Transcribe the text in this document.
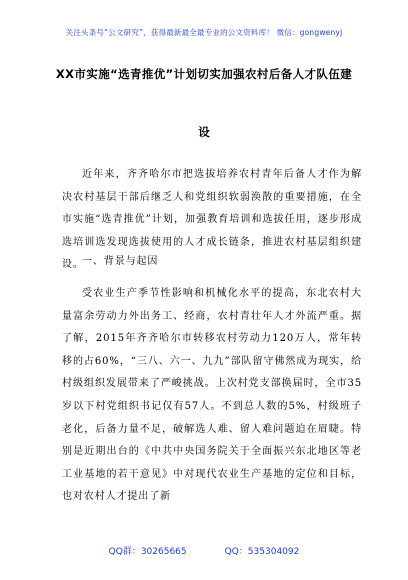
关注头条号“公文研究”，获得最新最全最专业的公文资料库！ 微信：gongwenyj
XX市实施“选青推优”计划切实加强农村后备人才队伍建
设

近年来，齐齐哈尔市把选拔培养农村青年后备人才作为解决农村基层干部后继乏人和党组织软弱涣散的重要措施，在全市实施“选青推优”计划，加强教育培训和选拔任用，逐步形成选培训选发现选拔使用的人才成长链条，推进农村基层组织建设。

一、背景与起因

受农业生产季节性影响和机械化水平的提高，东北农村大量富余劳动力外出务工、经商，农村青壮年人才外流严重。据了解，2015年齐齐哈尔市转移农村劳动力120万人，常年转移的占60%，“三八、六一、九九”部队留守佛然成为现实，给村级组织发展带来了严峻挑战。上次村党支部换届时，全市35岁以下村党组织书记仅有57人。不到总人数的5%，村级班子老化，后备力量不足，破解选人难、留人难问题迫在眉睫。特别是近期出台的《中共中央国务院关于全面振兴东北地区等老工业基地的若干意见》中对现代农业生产基地的定位和目标，也对农村人才提出了新

QQ群：30265665	QQ：535304092
